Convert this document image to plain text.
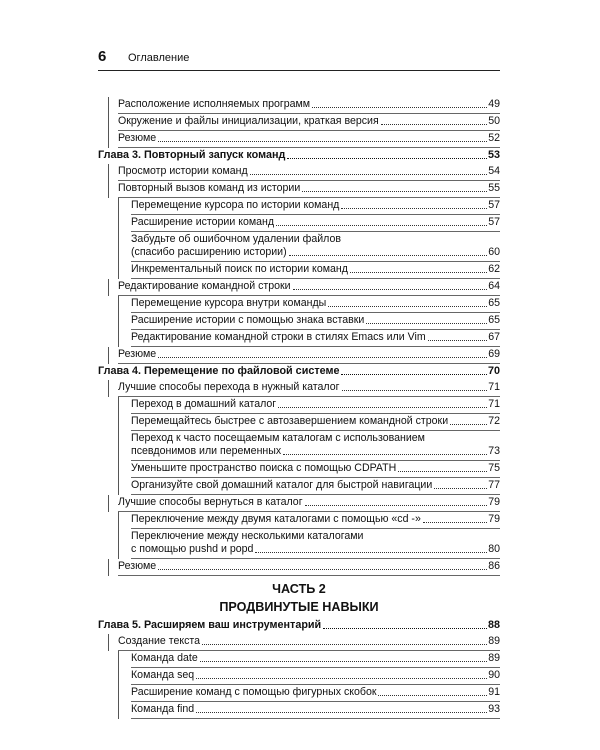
6 Оглавление
Расположение исполняемых программ	49
Окружение и файлы инициализации, краткая версия	50
Резюме	52
Глава 3. Повторный запуск команд	53
Просмотр истории команд	54
Повторный вызов команд из истории	55
Перемещение курсора по истории команд	57
Расширение истории команд	57
Забудьте об ошибочном удалении файлов
(спасибо расширению истории)	60
Инкрементальный поиск по истории команд	62
Редактирование командной строки	64
Перемещение курсора внутри команды	65
Расширение истории с помощью знака вставки	65
Редактирование командной строки в стилях Emacs или Vim	67
Резюме	69
Глава 4. Перемещение по файловой системе	70
Лучшие способы перехода в нужный каталог	71
Переход в домашний каталог	71
Перемещайтесь быстрее с автозавершением командной строки	72
Переход к часто посещаемым каталогам с использованием
псевдонимов или переменных	73
Уменьшите пространство поиска с помощью CDPATH	75
Организуйте свой домашний каталог для быстрой навигации	77
Лучшие способы вернуться в каталог	79
Переключение между двумя каталогами с помощью «cd -»	79
Переключение между несколькими каталогами
с помощью pushd и popd	80
Резюме	86
ЧАСТЬ 2
ПРОДВИНУТЫЕ НАВЫКИ
Глава 5. Расширяем ваш инструментарий	88
Создание текста	89
Команда date	89
Команда seq	90
Расширение команд с помощью фигурных скобок	91
Команда find	93
